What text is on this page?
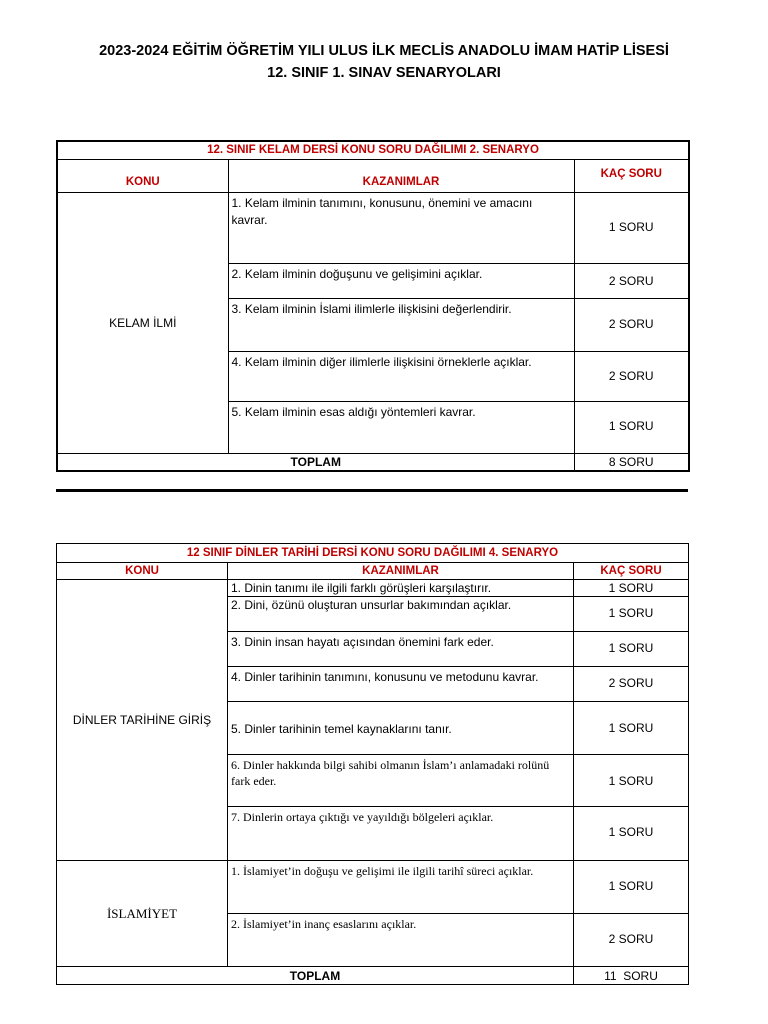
2023-2024 EĞİTİM ÖĞRETİM YILI ULUS İLK MECLİS ANADOLU İMAM HATİP LİSESİ
12. SINIF 1. SINAV SENARYOLARI
12. SINIF KELAM DERSİ KONU SORU DAĞILIMI 2. SENARYO		
KONU	KAZANIMLAR	KAÇ SORU
KELAM İLMİ	1. Kelam ilminin tanımını, konusunu, önemini ve amacını kavrar.	1 SORU
	2. Kelam ilminin doğuşunu ve gelişimini açıklar.	2 SORU
	3. Kelam ilminin İslami ilimlerle ilişkisini değerlendirir.	2 SORU
	4. Kelam ilminin diğer ilimlerle ilişkisini örneklerle açıklar.	2 SORU
	5. Kelam ilminin esas aldığı yöntemleri kavrar.	1 SORU
TOPLAM		8 SORU
12 SINIF DİNLER TARİHİ DERSİ KONU SORU DAĞILIMI 4. SENARYO		
KONU	KAZANIMLAR	KAÇ SORU
DİNLER TARİHİNE GİRİŞ	1. Dinin tanımı ile ilgili farklı görüşleri karşılaştırır.	1 SORU
	2. Dini, özünü oluşturan unsurlar bakımından açıklar.	1 SORU
	3. Dinin insan hayatı açısından önemini fark eder.	1 SORU
	4. Dinler tarihinin tanımını, konusunu ve metodunu kavrar.	2 SORU
	5. Dinler tarihinin temel kaynaklarını tanır.	1 SORU
	6. Dinler hakkında bilgi sahibi olmanın İslam’ı anlamadaki rolünü fark eder.	1 SORU
	7. Dinlerin ortaya çıktığı ve yayıldığı bölgeleri açıklar.	1 SORU
İSLAMİYET	1. İslamiyet’in doğuşu ve gelişimi ile ilgili tarihî süreci açıklar.	1 SORU
	2. İslamiyet’in inanç esaslarını açıklar.	2 SORU
TOPLAM		11  SORU
